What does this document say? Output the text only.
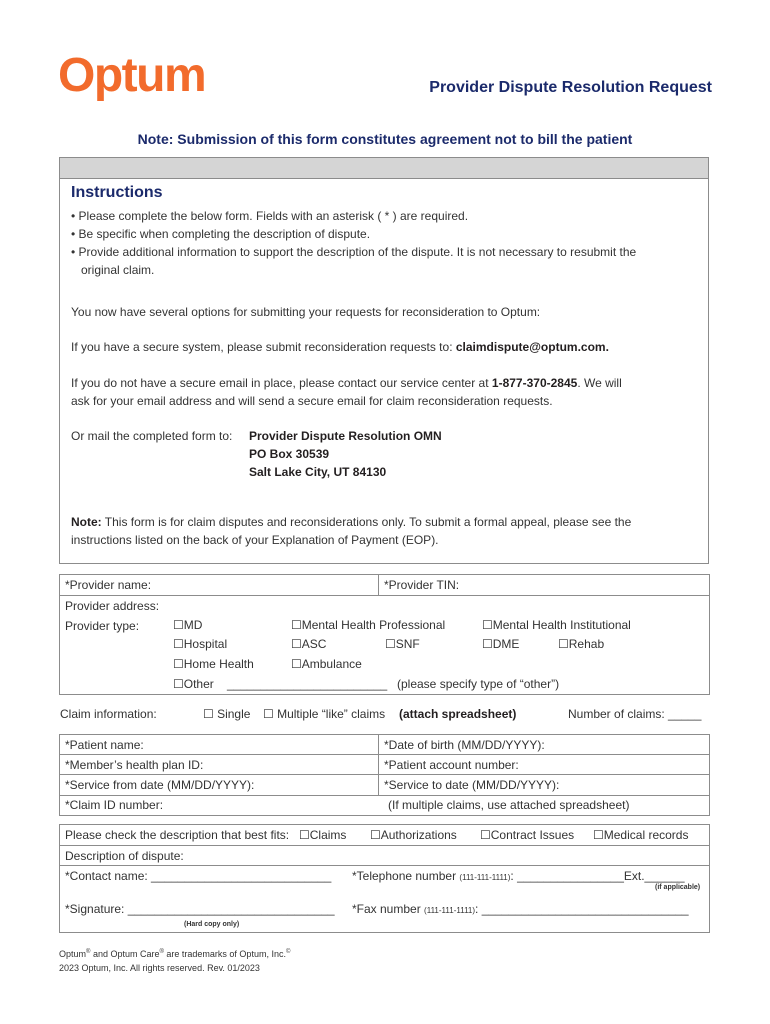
Optum	Provider Dispute Resolution Request
Note: Submission of this form constitutes agreement not to bill the patient
Instructions
• Please complete the below form. Fields with an asterisk ( * ) are required.
• Be specific when completing the description of dispute.
• Provide additional information to support the description of the dispute. It is not necessary to resubmit the
original claim.
You now have several options for submitting your requests for reconsideration to Optum:
If you have a secure system, please submit reconsideration requests to: claimdispute@optum.com.
If you do not have a secure email in place, please contact our service center at 1-877-370-2845. We will
ask for your email address and will send a secure email for claim reconsideration requests.
Or mail the completed form to: Provider Dispute Resolution OMN
PO Box 30539
Salt Lake City, UT 84130
Note: This form is for claim disputes and reconsiderations only. To submit a formal appeal, please see the
instructions listed on the back of your Explanation of Payment (EOP).
*Provider name:	*Provider TIN:
Provider address:
Provider type:	☐MD	☐Mental Health Professional	☐Mental Health Institutional
☐Hospital	☐ASC	☐SNF	☐DME	☐Rehab
☐Home Health	☐Ambulance
☐Other ________________________ (please specify type of “other”)
Claim information:	☐ Single ☐ Multiple “like” claims (attach spreadsheet)	Number of claims: _____
*Patient name:	*Date of birth (MM/DD/YYYY):
*Member’s health plan ID:	*Patient account number:
*Service from date (MM/DD/YYYY):	*Service to date (MM/DD/YYYY):
*Claim ID number:	(If multiple claims, use attached spreadsheet)
Please check the description that best fits: ☐Claims ☐Authorizations ☐Contract Issues ☐Medical records
Description of dispute:
*Contact name: ___________________________ *Telephone number (111-111-1111): ________________Ext.______
(if applicable)
*Signature: _______________________________ *Fax number (111-111-1111): _______________________________
(Hard copy only)
Optum® and Optum Care® are trademarks of Optum, Inc.©
2023 Optum, Inc. All rights reserved. Rev. 01/2023
